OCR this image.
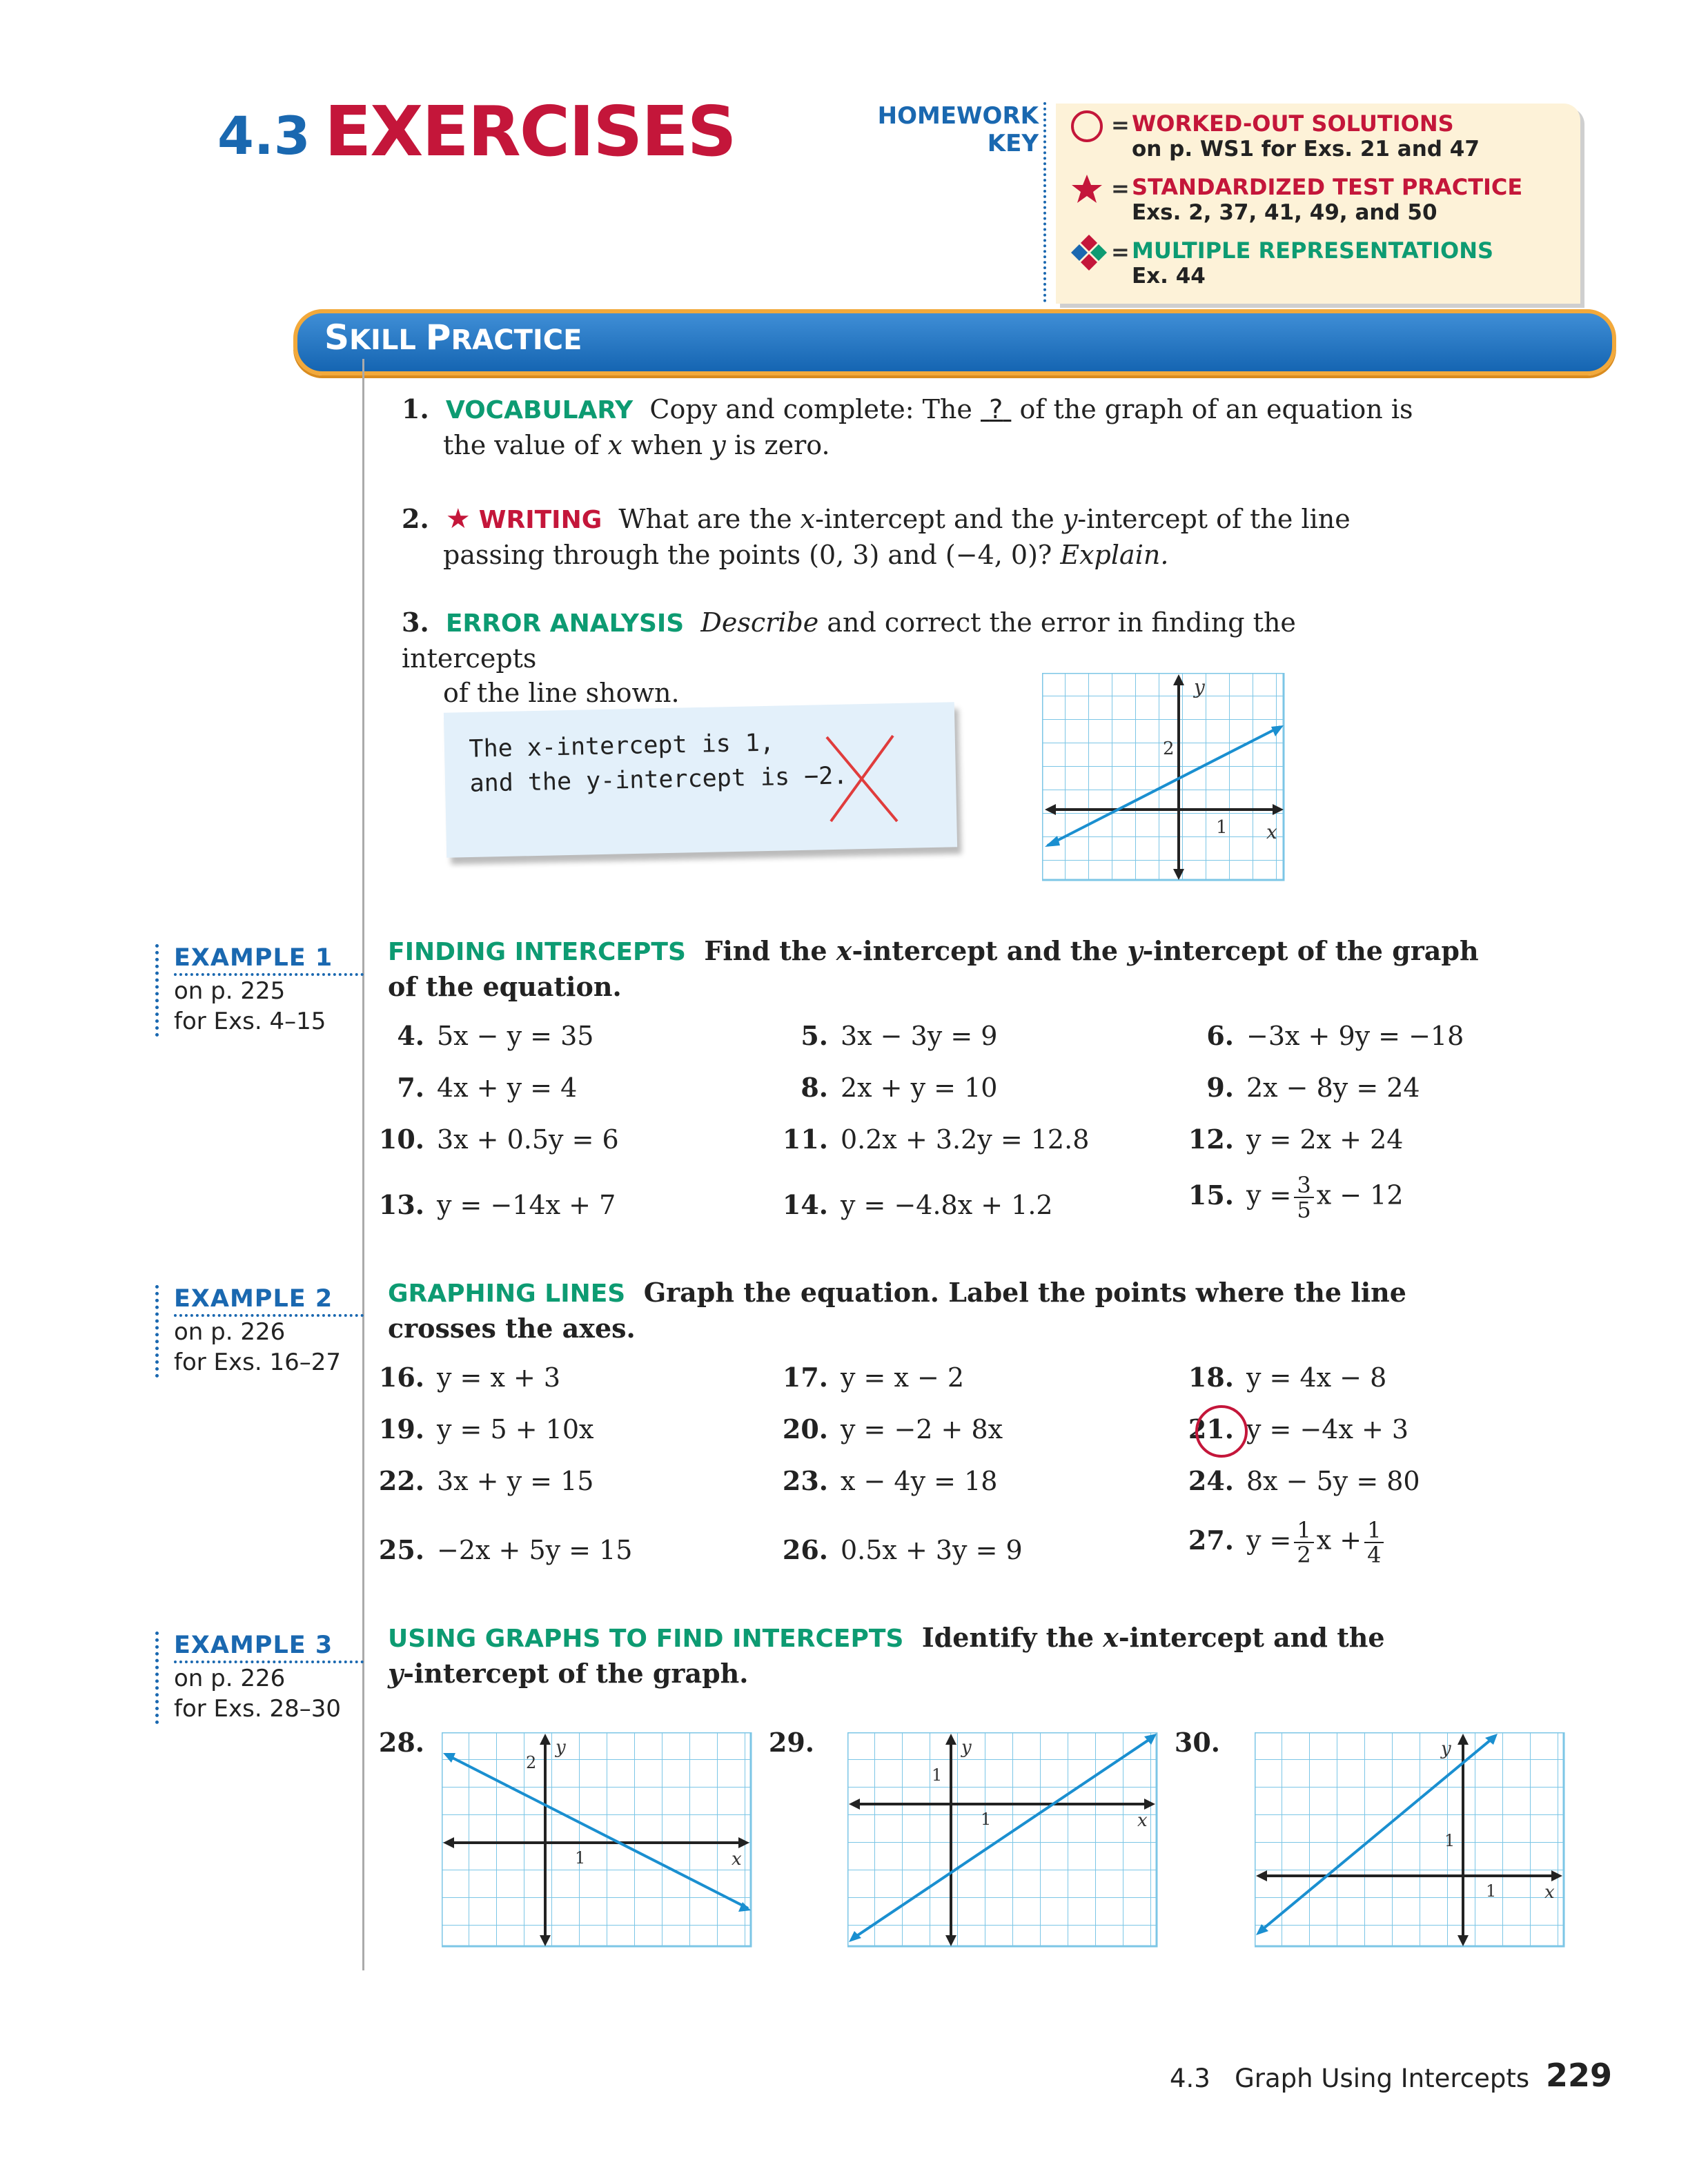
4.3 EXERCISES	HOMEWORK
KEY
= WORKED-OUT SOLUTIONS
on p. WS1 for Exs. 21 and 47
= STANDARDIZED TEST PRACTICE
Exs. 2, 37, 41, 49, and 50
= MULTIPLE REPRESENTATIONS
Ex. 44
SKILL PRACTICE
1. VOCABULARY Copy and complete: The ? of the graph of an equation is
the value of x when y is zero.
2. ★ WRITING What are the x-intercept and the y-intercept of the line
passing through the points (0, 3) and (−4, 0)? Explain.
3. ERROR ANALYSIS Describe and correct the error in finding the intercepts
of the line shown.
The x-intercept is 1,
and the y-intercept is −2.
y
x
2
1
EXAMPLE 1
on p. 225
for Exs. 4–15
EXAMPLE 2
on p. 226
for Exs. 16–27
EXAMPLE 3
on p. 226
for Exs. 28–30
FINDING INTERCEPTS Find the x-intercept and the y-intercept of the graph
of the equation.
4. 5x − y = 35	5. 3x − 3y = 9	6. −3x + 9y = −18
7. 4x + y = 4	8. 2x + y = 10	9. 2x − 8y = 24
10. 3x + 0.5y = 6	11. 0.2x + 3.2y = 12.8	12. y = 2x + 24
13. y = −14x + 7	14. y = −4.8x + 1.2	15. $y = \frac{3}{5}$ x − 12
GRAPHING LINES Graph the equation. Label the points where the line
crosses the axes.
16. y = x + 3	17. y = x − 2	18. y = 4x − 8
19. y = 5 + 10x	20. y = −2 + 8x	21. y = −4x + 3
22. 3x + y = 15	23. x − 4y = 18	24. 8x − 5y = 80
25. −2x + 5y = 15	26. 0.5x + 3y = 9	27. $y = \frac{1}{2}$ $x + \frac{1}{4}$
USING GRAPHS TO FIND INTERCEPTS Identify the x-intercept and the
y-intercept of the graph.
28.	y
x
2
1
29.	y
x
1
1
30.	y
x
1
1
4.3   Graph Using Intercepts 229
